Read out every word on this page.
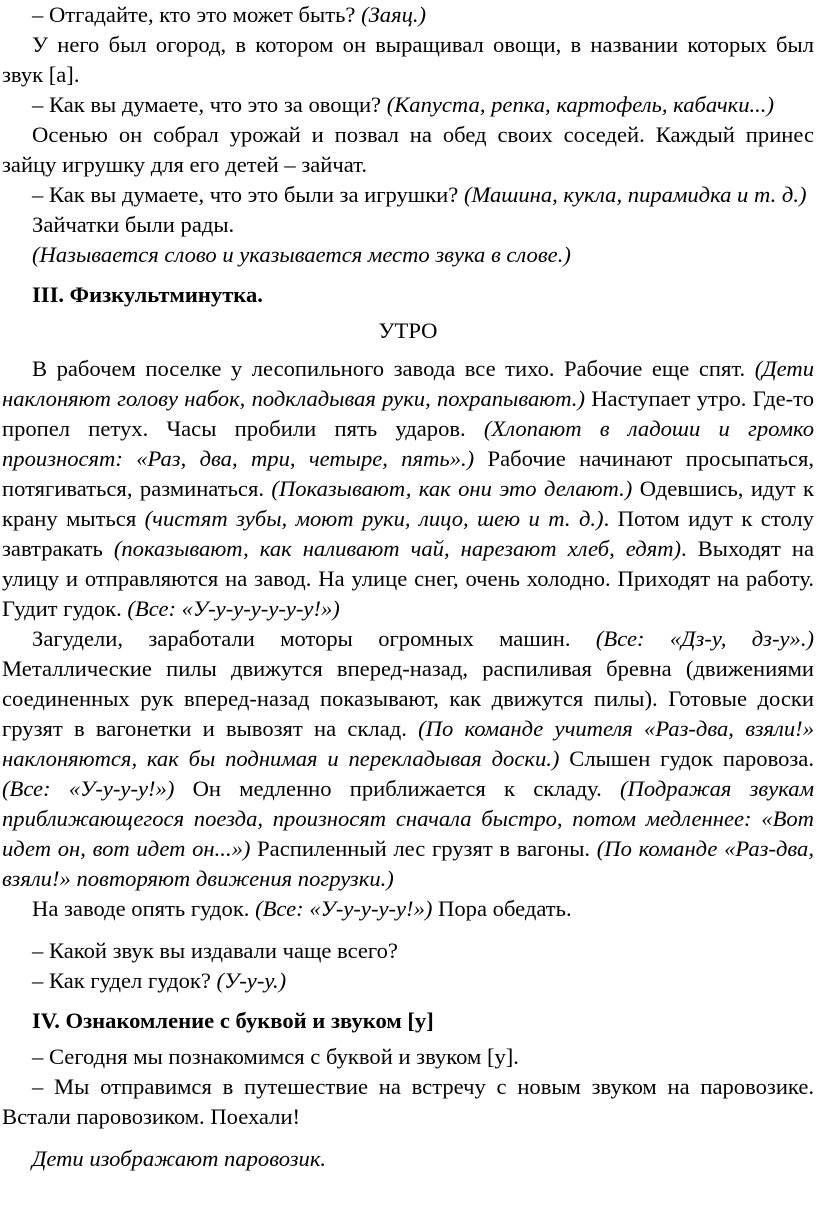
– Отгадайте, кто это может быть? (Заяц.)

У него был огород, в котором он выращивал овощи, в названии которых был звук [а].

– Как вы думаете, что это за овощи? (Капуста, репка, картофель, кабачки...)

Осенью он собрал урожай и позвал на обед своих соседей. Каждый принес зайцу игрушку для его детей – зайчат.

– Как вы думаете, что это были за игрушки? (Машина, кукла, пирамидка и т. д.)

Зайчатки были рады.

(Называется слово и указывается место звука в слове.)

III. Физкультминутка.

УТРО

В рабочем поселке у лесопильного завода все тихо. Рабочие еще спят. (Дети наклоняют голову набок, подкладывая руки, похрапывают.) Наступает утро. Где-то пропел петух. Часы пробили пять ударов. (Хлопают в ладоши и громко произносят: «Раз, два, три, четыре, пять».) Рабочие начинают просыпаться, потягиваться, разминаться. (Показывают, как они это делают.) Одевшись, идут к крану мыться (чистят зубы, моют руки, лицо, шею и т. д.). Потом идут к столу завтракать (показывают, как наливают чай, нарезают хлеб, едят). Выходят на улицу и отправляются на завод. На улице снег, очень холодно. Приходят на работу. Гудит гудок. (Все: «У-у-у-у-у-у-у!»)

Загудели, заработали моторы огромных машин. (Все: «Дз-у, дз-у».) Металлические пилы движутся вперед-назад, распиливая бревна (движениями соединенных рук вперед-назад показывают, как движутся пилы). Готовые доски грузят в вагонетки и вывозят на склад. (По команде учителя «Раз-два, взяли!» наклоняются, как бы поднимая и перекладывая доски.) Слышен гудок паровоза. (Все: «У-у-у-у!») Он медленно приближается к складу. (Подражая звукам приближающегося поезда, произносят сначала быстро, потом медленнее: «Вот идет он, вот идет он...») Распиленный лес грузят в вагоны. (По команде «Раз-два, взяли!» повторяют движения погрузки.)

На заводе опять гудок. (Все: «У-у-у-у-у!») Пора обедать.

– Какой звук вы издавали чаще всего?

– Как гудел гудок? (У-у-у.)

IV. Ознакомление с буквой и звуком [у]

– Сегодня мы познакомимся с буквой и звуком [у].

– Мы отправимся в путешествие на встречу с новым звуком на паровозике. Встали паровозиком. Поехали!

Дети изображают паровозик.
